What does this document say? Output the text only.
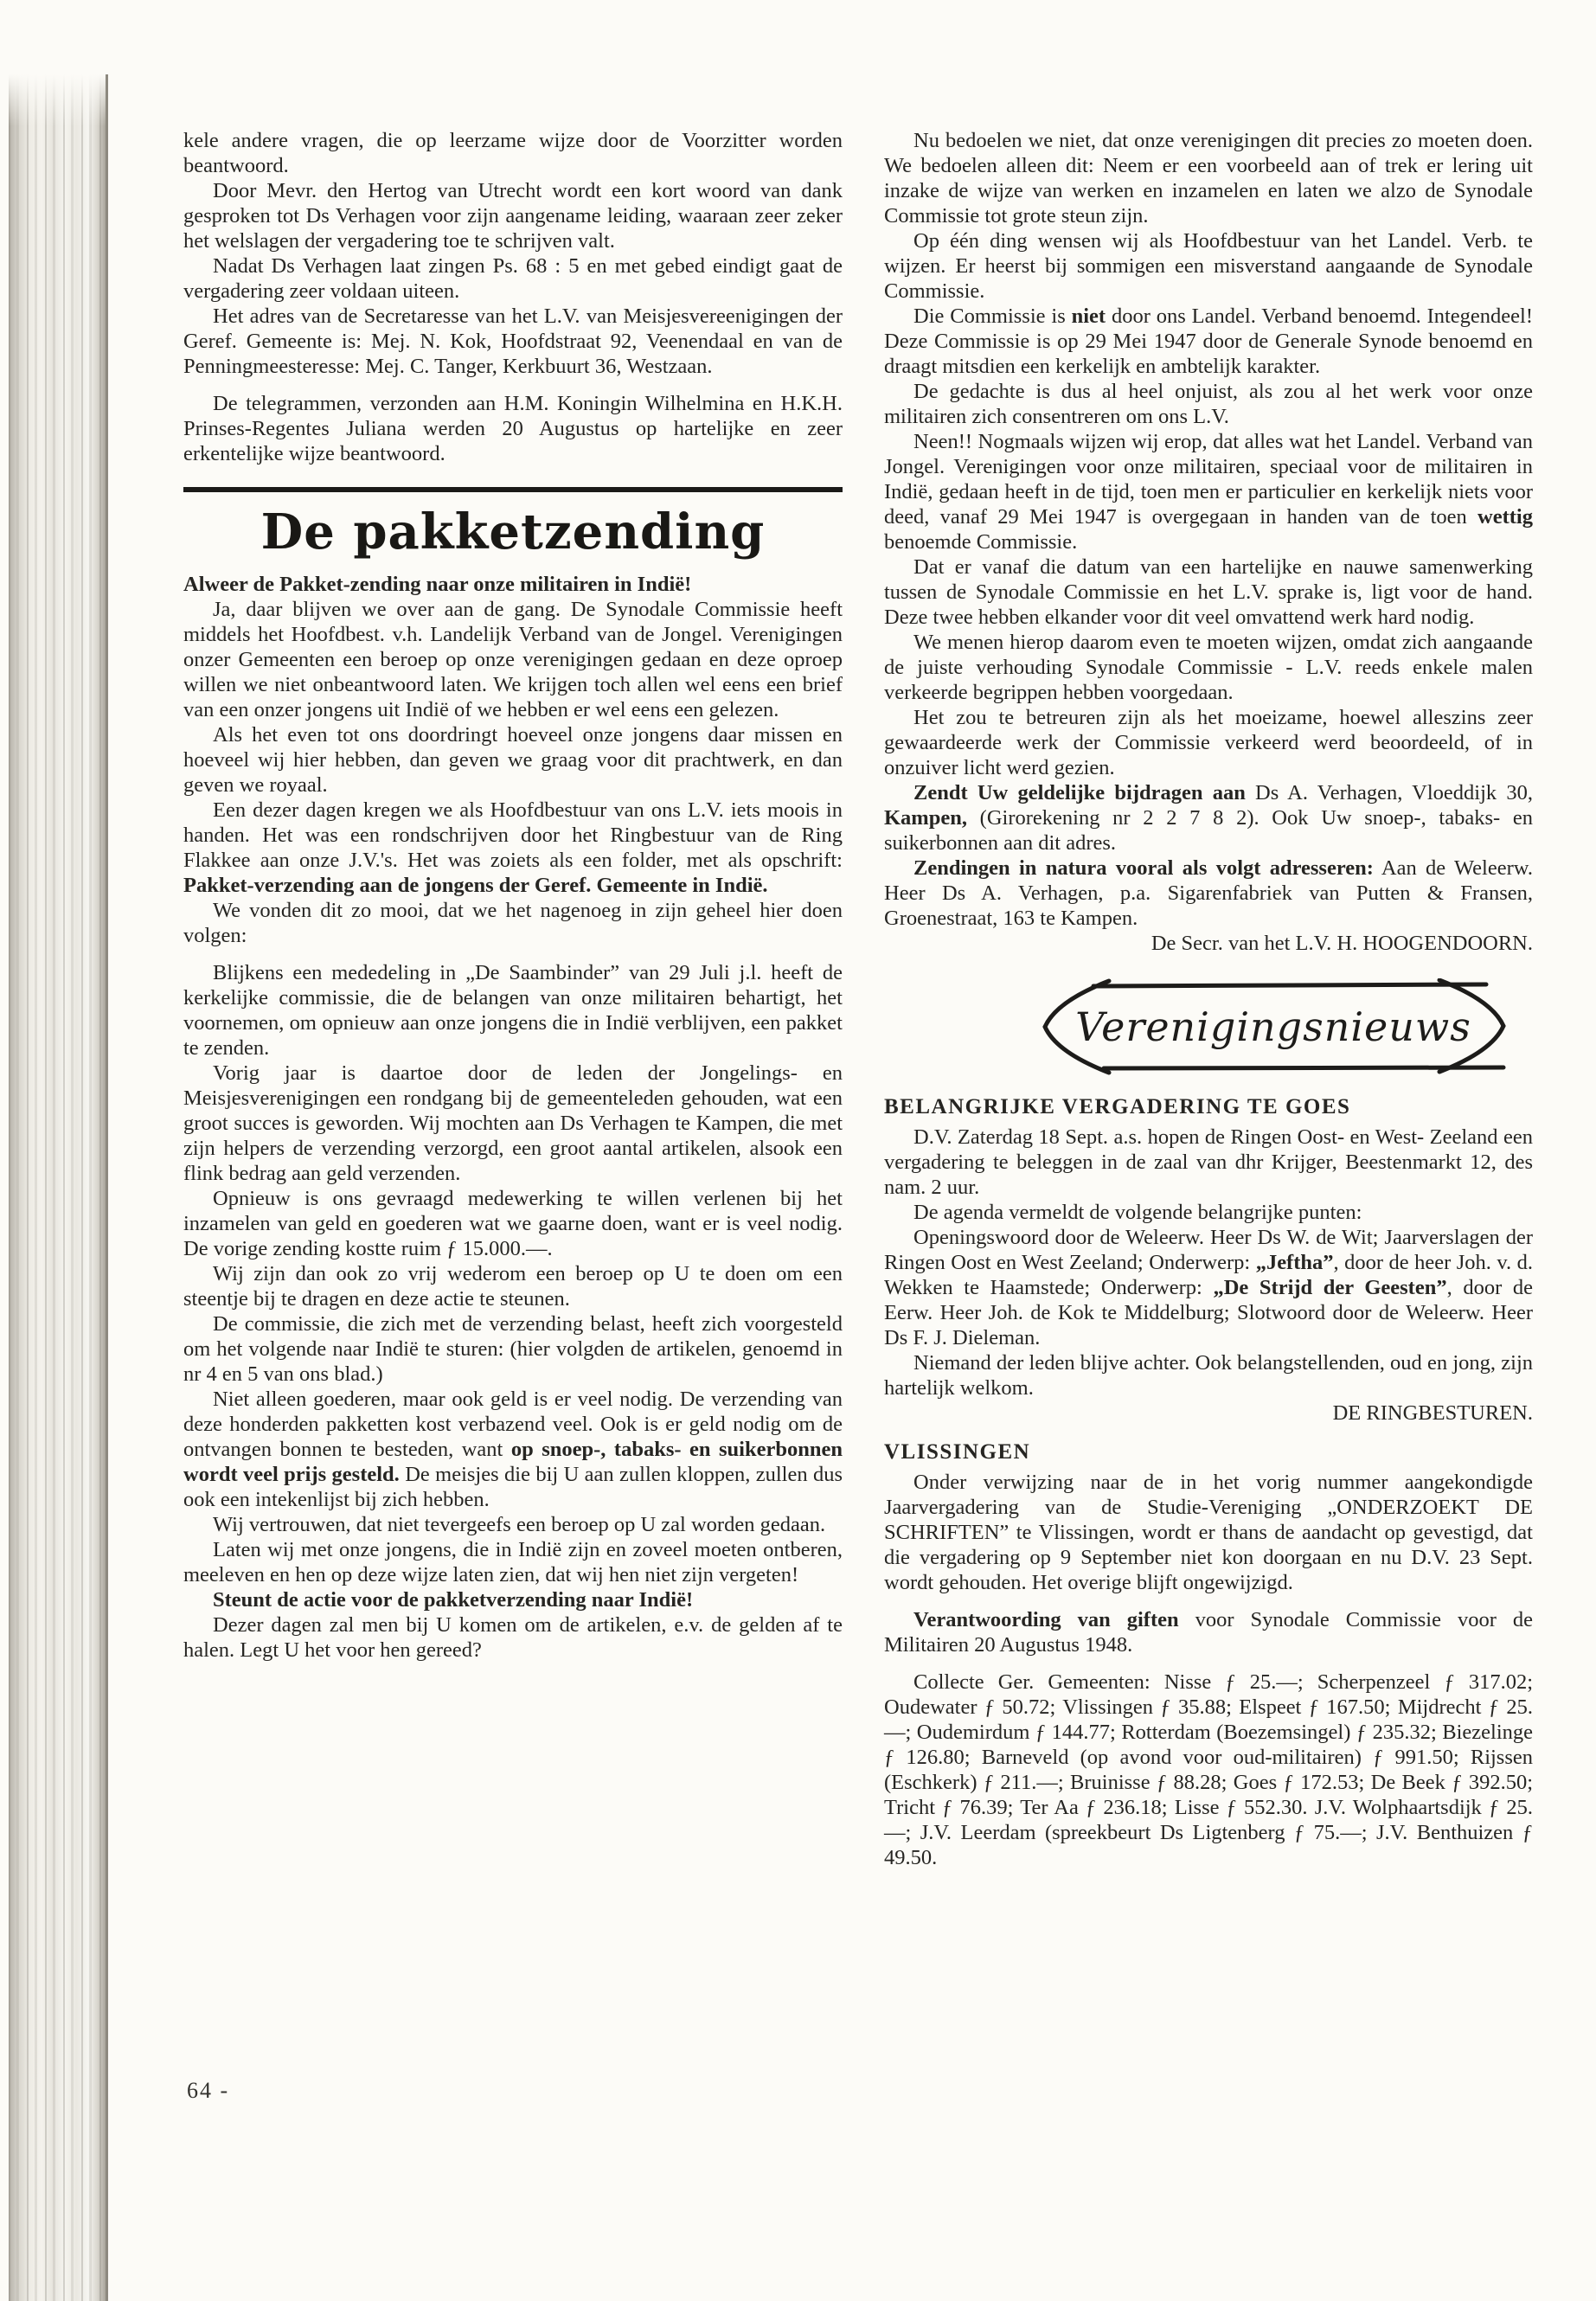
kele andere vragen, die op leerzame wijze door de Voorzitter worden beantwoord.

Door Mevr. den Hertog van Utrecht wordt een kort woord van dank gesproken tot Ds Verhagen voor zijn aangename leiding, waaraan zeer zeker het welslagen der vergadering toe te schrijven valt.

Nadat Ds Verhagen laat zingen Ps. 68 : 5 en met gebed eindigt gaat de vergadering zeer voldaan uiteen.

Het adres van de Secretaresse van het L.V. van Meisjesvereenigingen der Geref. Gemeente is: Mej. N. Kok, Hoofdstraat 92, Veenendaal en van de Penningmeesteresse: Mej. C. Tanger, Kerkbuurt 36, Westzaan.

De telegrammen, verzonden aan H.M. Koningin Wilhelmina en H.K.H. Prinses-Regentes Juliana werden 20 Augustus op hartelijke en zeer erkentelijke wijze beantwoord.

De pakketzending

Alweer de Pakket-zending naar onze militairen in Indië!

Ja, daar blijven we over aan de gang. De Synodale Commissie heeft middels het Hoofdbest. v.h. Landelijk Verband van de Jongel. Verenigingen onzer Gemeenten een beroep op onze verenigingen gedaan en deze oproep willen we niet onbeantwoord laten. We krijgen toch allen wel eens een brief van een onzer jongens uit Indië of we hebben er wel eens een gelezen.

Als het even tot ons doordringt hoeveel onze jongens daar missen en hoeveel wij hier hebben, dan geven we graag voor dit prachtwerk, en dan geven we royaal.

Een dezer dagen kregen we als Hoofdbestuur van ons L.V. iets moois in handen. Het was een rondschrijven door het Ringbestuur van de Ring Flakkee aan onze J.V.'s. Het was zoiets als een folder, met als opschrift: Pakket-verzending aan de jongens der Geref. Gemeente in Indië.

We vonden dit zo mooi, dat we het nagenoeg in zijn geheel hier doen volgen:

Blijkens een mededeling in „De Saambinder” van 29 Juli j.l. heeft de kerkelijke commissie, die de belangen van onze militairen behartigt, het voornemen, om opnieuw aan onze jongens die in Indië verblijven, een pakket te zenden.

Vorig jaar is daartoe door de leden der Jongelings- en Meisjesverenigingen een rondgang bij de gemeenteleden gehouden, wat een groot succes is geworden. Wij mochten aan Ds Verhagen te Kampen, die met zijn helpers de verzending verzorgd, een groot aantal artikelen, alsook een flink bedrag aan geld verzenden.

Opnieuw is ons gevraagd medewerking te willen verlenen bij het inzamelen van geld en goederen wat we gaarne doen, want er is veel nodig. De vorige zending kostte ruim ƒ 15.000.—.

Wij zijn dan ook zo vrij wederom een beroep op U te doen om een steentje bij te dragen en deze actie te steunen.

De commissie, die zich met de verzending belast, heeft zich voorgesteld om het volgende naar Indië te sturen: (hier volgden de artikelen, genoemd in nr 4 en 5 van ons blad.)

Niet alleen goederen, maar ook geld is er veel nodig. De verzending van deze honderden pakketten kost verbazend veel. Ook is er geld nodig om de ontvangen bonnen te besteden, want op snoep-, tabaks- en suikerbonnen wordt veel prijs gesteld. De meisjes die bij U aan zullen kloppen, zullen dus ook een intekenlijst bij zich hebben.

Wij vertrouwen, dat niet tevergeefs een beroep op U zal worden gedaan.

Laten wij met onze jongens, die in Indië zijn en zoveel moeten ontberen, meeleven en hen op deze wijze laten zien, dat wij hen niet zijn vergeten!

Steunt de actie voor de pakketverzending naar Indië!

Dezer dagen zal men bij U komen om de artikelen, e.v. de gelden af te halen. Legt U het voor hen gereed?

Nu bedoelen we niet, dat onze verenigingen dit precies zo moeten doen. We bedoelen alleen dit: Neem er een voorbeeld aan of trek er lering uit inzake de wijze van werken en inzamelen en laten we alzo de Synodale Commissie tot grote steun zijn.

Op één ding wensen wij als Hoofdbestuur van het Landel. Verb. te wijzen. Er heerst bij sommigen een misverstand aangaande de Synodale Commissie.

Die Commissie is niet door ons Landel. Verband benoemd. Integendeel! Deze Commissie is op 29 Mei 1947 door de Generale Synode benoemd en draagt mitsdien een kerkelijk en ambtelijk karakter.

De gedachte is dus al heel onjuist, als zou al het werk voor onze militairen zich consentreren om ons L.V.

Neen!! Nogmaals wijzen wij erop, dat alles wat het Landel. Verband van Jongel. Verenigingen voor onze militairen, speciaal voor de militairen in Indië, gedaan heeft in de tijd, toen men er particulier en kerkelijk niets voor deed, vanaf 29 Mei 1947 is overgegaan in handen van de toen wettig benoemde Commissie.

Dat er vanaf die datum van een hartelijke en nauwe samenwerking tussen de Synodale Commissie en het L.V. sprake is, ligt voor de hand. Deze twee hebben elkander voor dit veel omvattend werk hard nodig.

We menen hierop daarom even te moeten wijzen, omdat zich aangaande de juiste verhouding Synodale Commissie - L.V. reeds enkele malen verkeerde begrippen hebben voorgedaan.

Het zou te betreuren zijn als het moeizame, hoewel alleszins zeer gewaardeerde werk der Commissie verkeerd werd beoordeeld, of in onzuiver licht werd gezien.

Zendt Uw geldelijke bijdragen aan Ds A. Verhagen, Vloeddijk 30, Kampen, (Girorekening nr 2 2 7 8 2). Ook Uw snoep-, tabaks- en suikerbonnen aan dit adres.

Zendingen in natura vooral als volgt adresseren: Aan de Weleerw. Heer Ds A. Verhagen, p.a. Sigarenfabriek van Putten & Fransen, Groenestraat, 163 te Kampen.

De Secr. van het L.V. H. HOOGENDOORN.

Verenigingsnieuws
BELANGRIJKE VERGADERING TE GOES

D.V. Zaterdag 18 Sept. a.s. hopen de Ringen Oost- en West- Zeeland een vergadering te beleggen in de zaal van dhr Krijger, Beestenmarkt 12, des nam. 2 uur.

De agenda vermeldt de volgende belangrijke punten:

Openingswoord door de Weleerw. Heer Ds W. de Wit; Jaarverslagen der Ringen Oost en West Zeeland; Onderwerp: „Jeftha”, door de heer Joh. v. d. Wekken te Haamstede; Onderwerp: „De Strijd der Geesten”, door de Eerw. Heer Joh. de Kok te Middelburg; Slotwoord door de Weleerw. Heer Ds F. J. Dieleman.

Niemand der leden blijve achter. Ook belangstellenden, oud en jong, zijn hartelijk welkom.

DE RINGBESTUREN.

VLISSINGEN

Onder verwijzing naar de in het vorig nummer aangekondigde Jaarvergadering van de Studie-Vereniging „ONDERZOEKT DE SCHRIFTEN” te Vlissingen, wordt er thans de aandacht op gevestigd, dat die vergadering op 9 September niet kon doorgaan en nu D.V. 23 Sept. wordt gehouden. Het overige blijft ongewijzigd.

Verantwoording van giften voor Synodale Commissie voor de Militairen 20 Augustus 1948.

Collecte Ger. Gemeenten: Nisse ƒ 25.—; Scherpenzeel ƒ 317.02; Oudewater ƒ 50.72; Vlissingen ƒ 35.88; Elspeet ƒ 167.50; Mijdrecht ƒ 25.—; Oudemirdum ƒ 144.77; Rotterdam (Boezemsingel) ƒ 235.32; Biezelinge ƒ 126.80; Barneveld (op avond voor oud-militairen) ƒ 991.50; Rijssen (Eschkerk) ƒ 211.—; Bruinisse ƒ 88.28; Goes ƒ 172.53; De Beek ƒ 392.50; Tricht ƒ 76.39; Ter Aa ƒ 236.18; Lisse ƒ 552.30. J.V. Wolphaartsdijk ƒ 25.—; J.V. Leerdam (spreekbeurt Ds Ligtenberg ƒ 75.—; J.V. Benthuizen ƒ 49.50.

64 -
